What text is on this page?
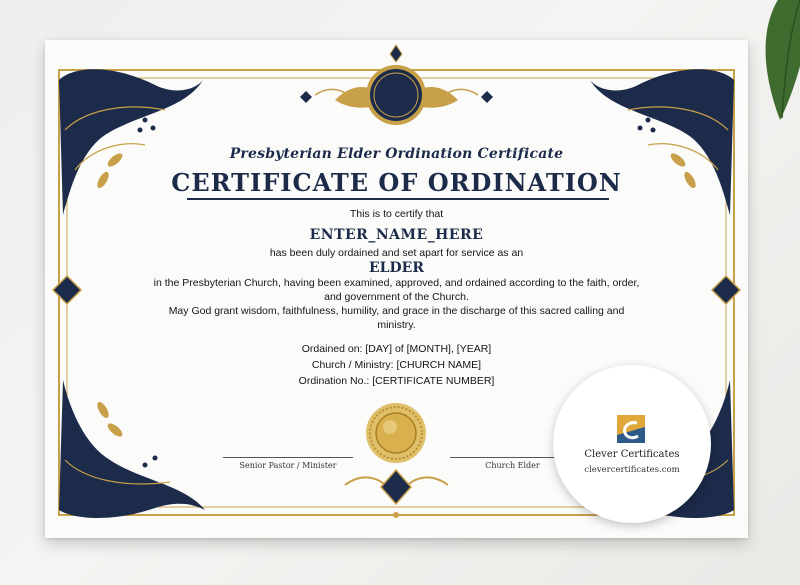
Presbyterian Elder Ordination Certificate
CERTIFICATE OF ORDINATION
This is to certify that
ENTER_NAME_HERE
has been duly ordained and set apart for service as an
ELDER
in the Presbyterian Church, having been examined, approved, and ordained according to the faith, order,
and government of the Church.
May God grant wisdom, faithfulness, humility, and grace in the discharge of this sacred calling and
ministry.
Ordained on: [DAY] of [MONTH], [YEAR]
Church / Ministry: [CHURCH NAME]
Ordination No.: [CERTIFICATE NUMBER]
Senior Pastor / Minister	Church Elder
Clever Certificates
clevercertificates.com
